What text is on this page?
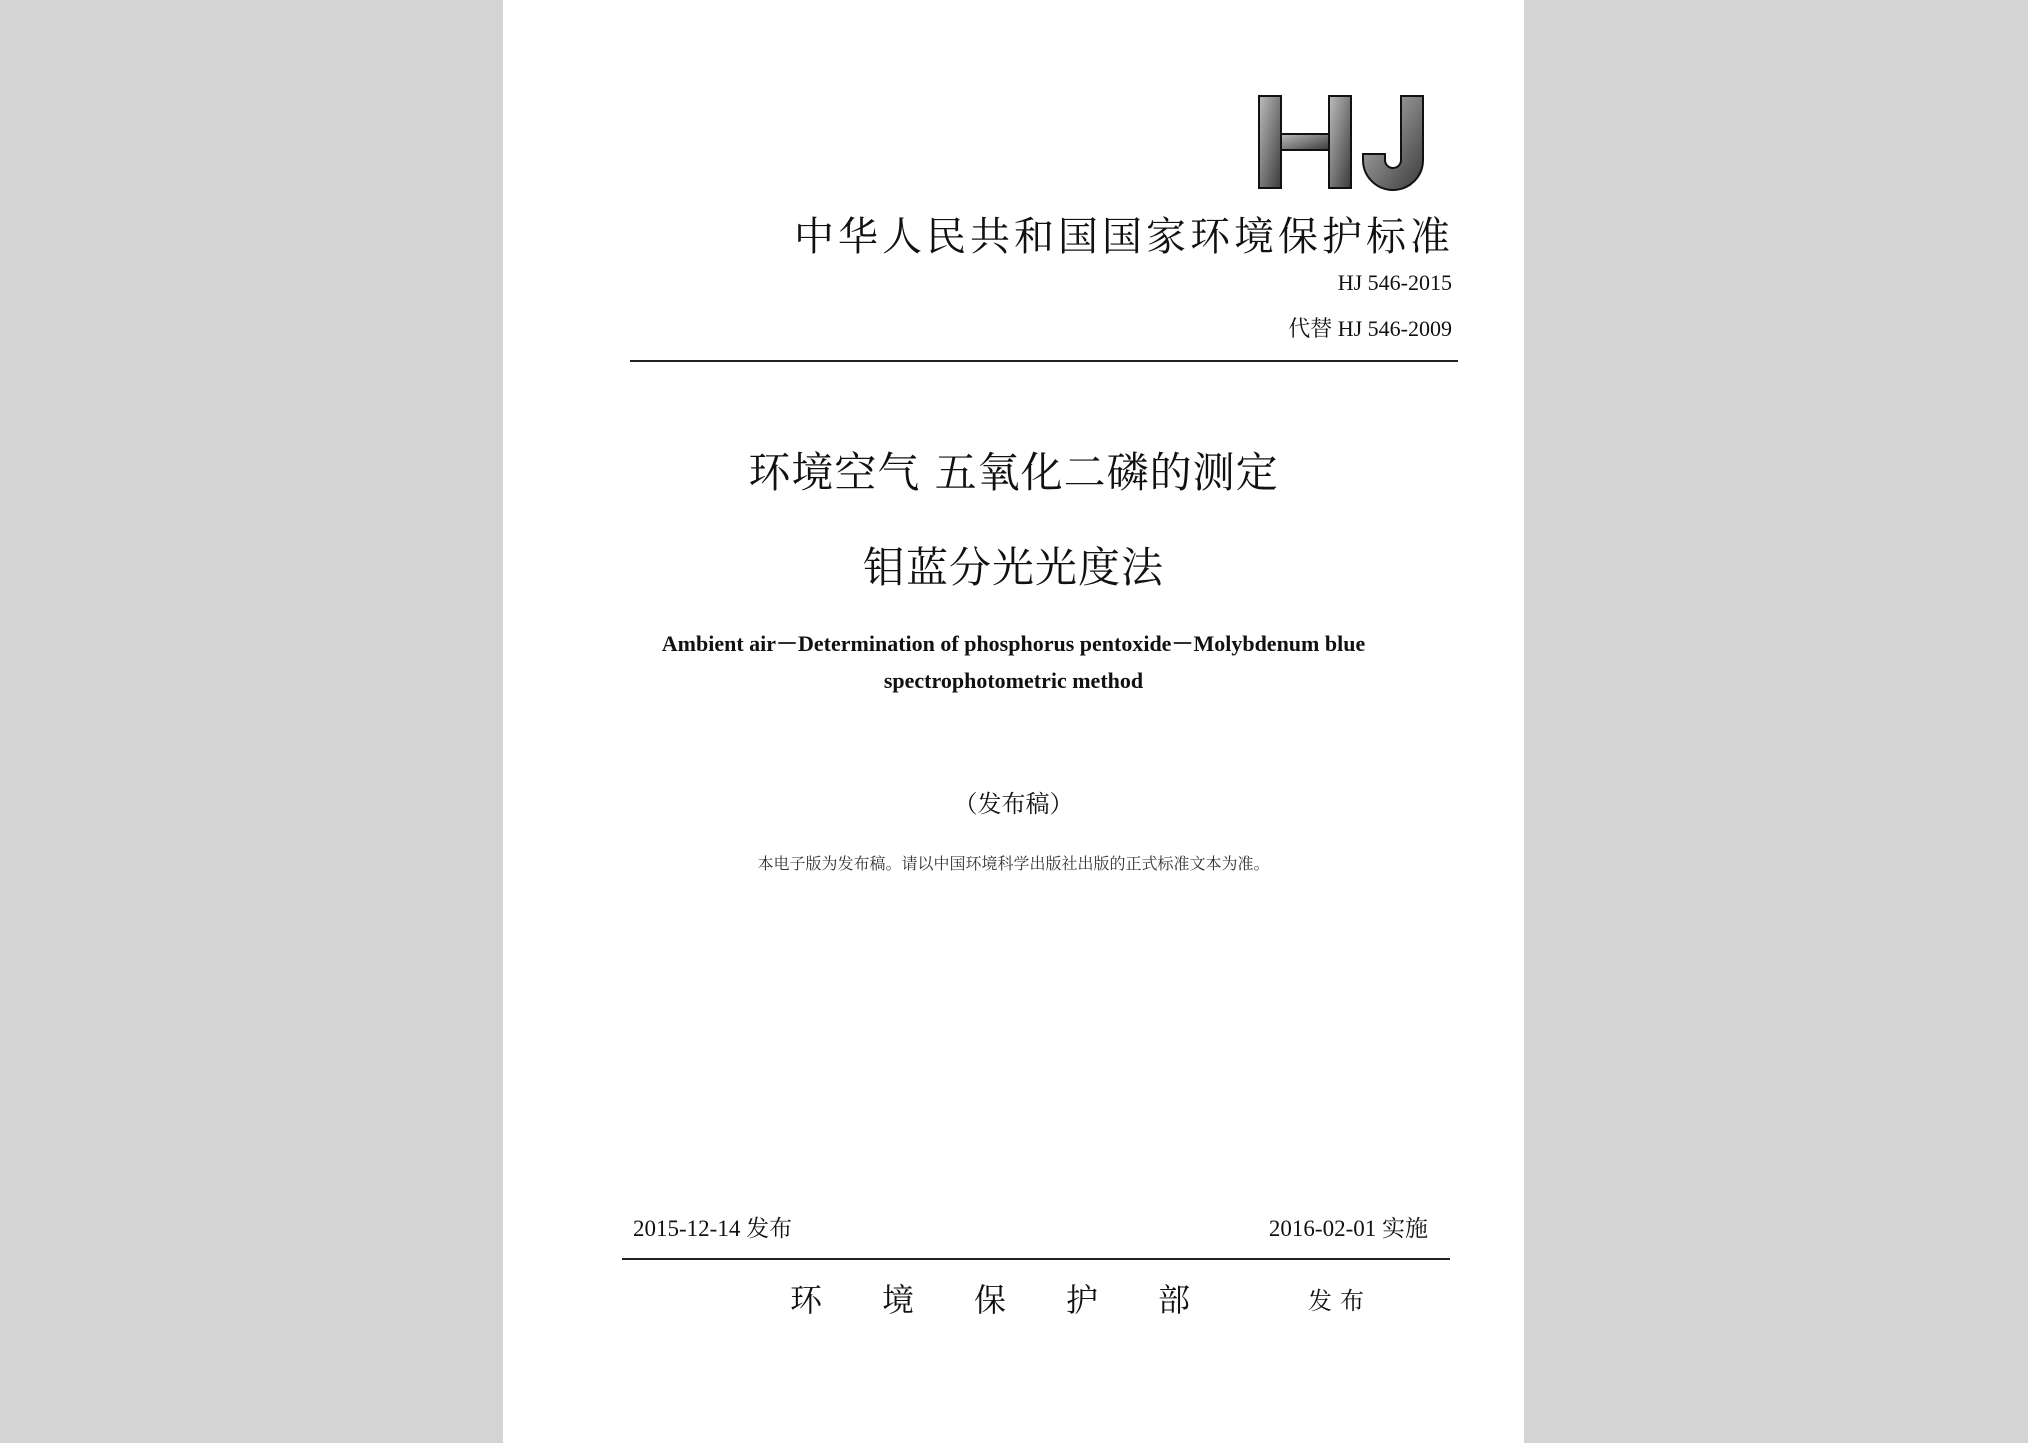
中华人民共和国国家环境保护标准
HJ 546-2015
代替 HJ 546-2009
环境空气 五氧化二磷的测定
钼蓝分光光度法
Ambient air－Determination of phosphorus pentoxide－Molybdenum blue
spectrophotometric method
（发布稿）
本电子版为发布稿。请以中国环境科学出版社出版的正式标准文本为准。
2015-12-14 发布	2016-02-01 实施
环境保护部 发布
